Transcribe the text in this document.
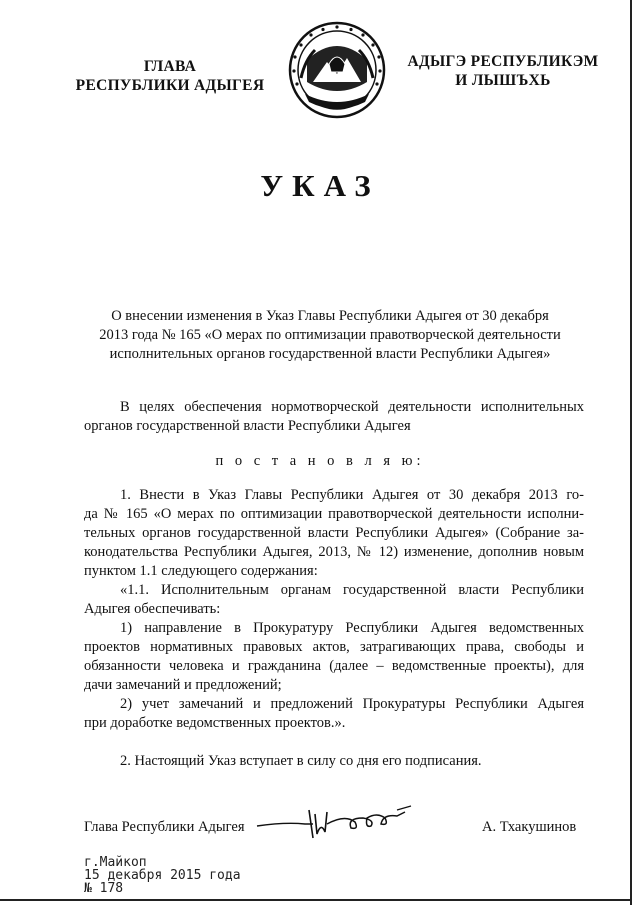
ГЛАВА
РЕСПУБЛИКИ АДЫГЕЯ
АДЫГЭ РЕСПУБЛИКЭМ
И ЛЫШЪХЬ
УКАЗ
О внесении изменения в Указ Главы Республики Адыгея от 30 декабря
2013 года № 165 «О мерах по оптимизации правотворческой деятельности
исполнительных органов государственной власти Республики Адыгея»
В целях обеспечения нормотворческой деятельности исполнительных
органов государственной власти Республики Адыгея
п о с т а н о в л я ю:
1. Внести в Указ Главы Республики Адыгея от 30 декабря 2013 го-
да № 165 «О мерах по оптимизации правотворческой деятельности исполни-
тельных органов государственной власти Республики Адыгея» (Собрание за-
конодательства Республики Адыгея, 2013, № 12) изменение, дополнив новым
пунктом 1.1 следующего содержания:
«1.1. Исполнительным органам государственной власти Республики
Адыгея обеспечивать:
1) направление в Прокуратуру Республики Адыгея ведомственных
проектов нормативных правовых актов, затрагивающих права, свободы и
обязанности человека и гражданина (далее – ведомственные проекты), для
дачи замечаний и предложений;
2) учет замечаний и предложений Прокуратуры Республики Адыгея
при доработке ведомственных проектов.».
2. Настоящий Указ вступает в силу со дня его подписания.
Глава Республики Адыгея	А. Тхакушинов
г.Майкоп
15 декабря 2015 года
№ 178
